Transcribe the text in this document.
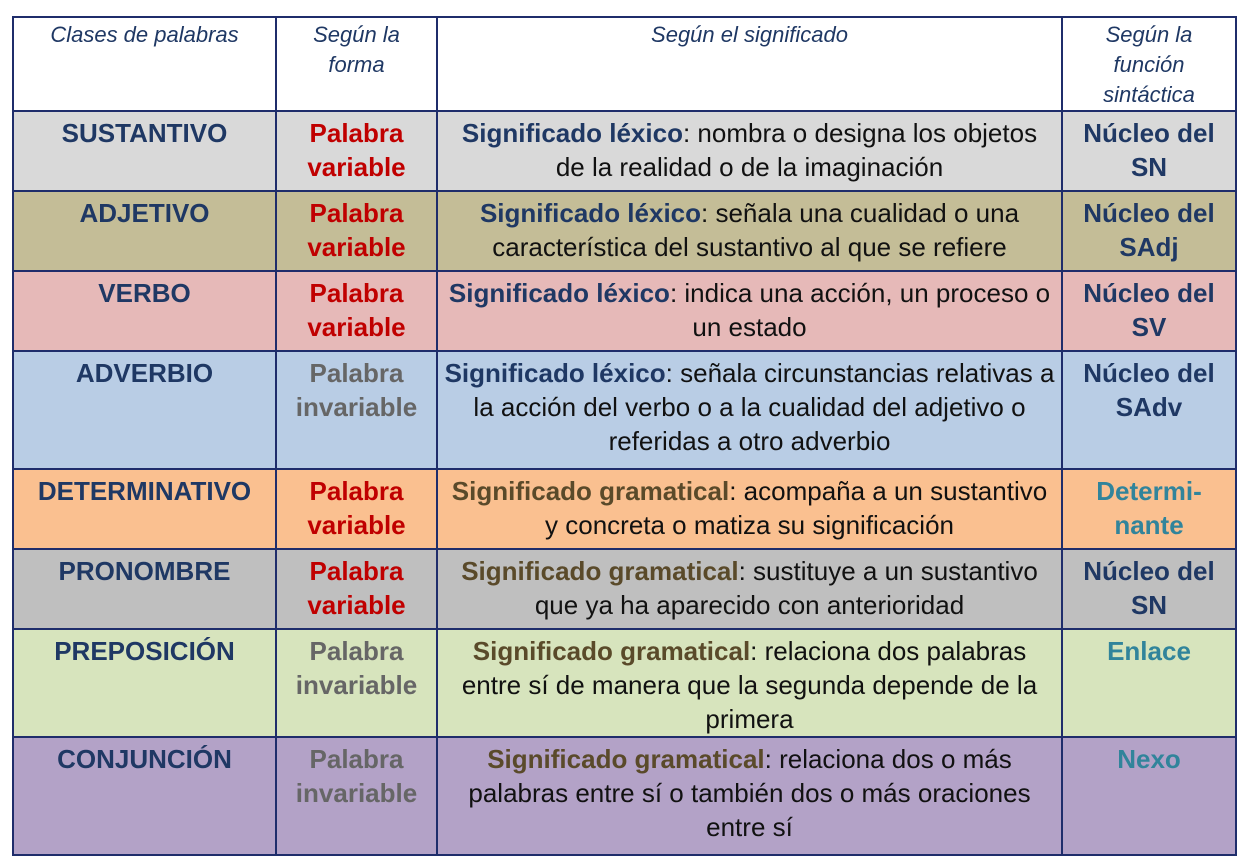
Clases de palabras	Según la forma	Según el significado	Según la función sintáctica
SUSTANTIVO	Palabra variable	Significado léxico: nombra o designa los objetos de la realidad o de la imaginación	Núcleo del SN
ADJETIVO	Palabra variable	Significado léxico: señala una cualidad o una característica del sustantivo al que se refiere	Núcleo del SAdj
VERBO	Palabra variable	Significado léxico: indica una acción, un proceso o un estado	Núcleo del SV
ADVERBIO	Palabra invariable	Significado léxico: señala circunstancias relativas a la acción del verbo o a la cualidad del adjetivo o referidas a otro adverbio	Núcleo del SAdv
DETERMINATIVO	Palabra variable	Significado gramatical: acompaña a un sustantivo y concreta o matiza su significación	Determi-nante
PRONOMBRE	Palabra variable	Significado gramatical: sustituye a un sustantivo que ya ha aparecido con anterioridad	Núcleo del SN
PREPOSICIÓN	Palabra invariable	Significado gramatical: relaciona dos palabras entre sí de manera que la segunda depende de la primera	Enlace
CONJUNCIÓN	Palabra invariable	Significado gramatical: relaciona dos o más palabras entre sí o también dos o más oraciones entre sí	Nexo
